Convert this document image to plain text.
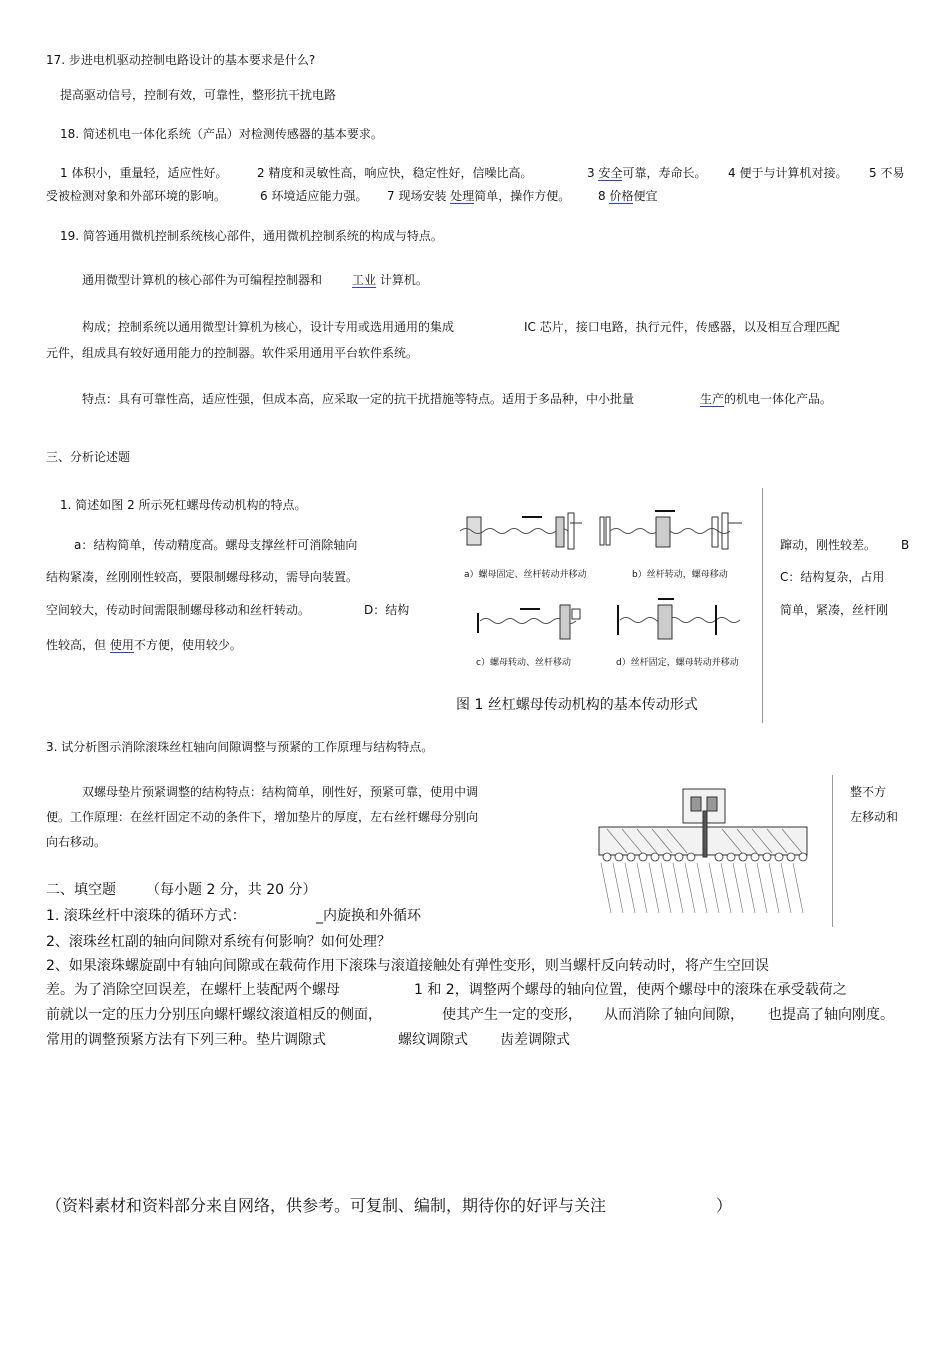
17. 步进电机驱动控制电路设计的基本要求是什么?
提高驱动信号，控制有效，可靠性，整形抗干扰电路
18. 简述机电一体化系统（产品）对检测传感器的基本要求。
1 体积小，重量轻，适应性好。 2 精度和灵敏性高，响应快，稳定性好，信噪比高。	3 安全可靠，寿命长。 4 便于与计算机对接。 5 不易
受被检测对象和外部环境的影响。	6 环境适应能力强。 7 现场安装 处理简单，操作方便。 8 价格便宜
19. 简答通用微机控制系统核心部件，通用微机控制系统的构成与特点。
通用微型计算机的核心部件为可编程控制器和	工业 计算机。
构成；控制系统以通用微型计算机为核心，设计专用或选用通用的集成	IC 芯片，接口电路，执行元件，传感器，以及相互合理匹配
元件，组成具有较好通用能力的控制器。软件采用通用平台软件系统。
特点：具有可靠性高，适应性强，但成本高，应采取一定的抗干扰措施等特点。适用于多品种，中小批量	生产的机电一体化产品。
三、分析论述题
1. 简述如图 2 所示死杠螺母传动机构的特点。
a：结构简单，传动精度高。螺母支撑丝杆可消除轴向	蹿动，刚性较差。 B
结构紧凑，丝刚刚性较高，要限制螺母移动，需导向装置。	C：结构复杂，占用
空间较大，传动时间需限制螺母移动和丝杆转动。	D：结构	简单，紧凑，丝杆刚
性较高，但 使用不方便，使用较少。
a）螺母固定、丝杆转动并移动	b）丝杆转动，螺母移动
c）螺母转动、丝杆移动	d）丝杆固定，螺母转动并移动
图 1 丝杠螺母传动机构的基本传动形式
3. 试分析图示消除滚珠丝杠轴向间隙调整与预紧的工作原理与结构特点。
双螺母垫片预紧调整的结构特点：结构简单，刚性好，预紧可靠，使用中调	整不方
便。工作原理：在丝杆固定不动的条件下，增加垫片的厚度，左右丝杆螺母分别向	左移动和
向右移动。
二、填空题 （每小题 2 分，共 20 分）
1. 滚珠丝杆中滚珠的循环方式：	_内旋换和外循环
2、滚珠丝杠副的轴向间隙对系统有何影响？如何处理？
2、如果滚珠螺旋副中有轴向间隙或在载荷作用下滚珠与滚道接触处有弹性变形，则当螺杆反向转动时，将产生空回误
差。为了消除空回误差，在螺杆上装配两个螺母	1 和 2，调整两个螺母的轴向位置，使两个螺母中的滚珠在承受载荷之
前就以一定的压力分别压向螺杆螺纹滚道相反的侧面，	使其产生一定的变形， 从而消除了轴向间隙， 也提高了轴向刚度。
常用的调整预紧方法有下列三种。垫片调隙式	螺纹调隙式 齿差调隙式
（资料素材和资料部分来自网络，供参考。可复制、编制，期待你的好评与关注	）
